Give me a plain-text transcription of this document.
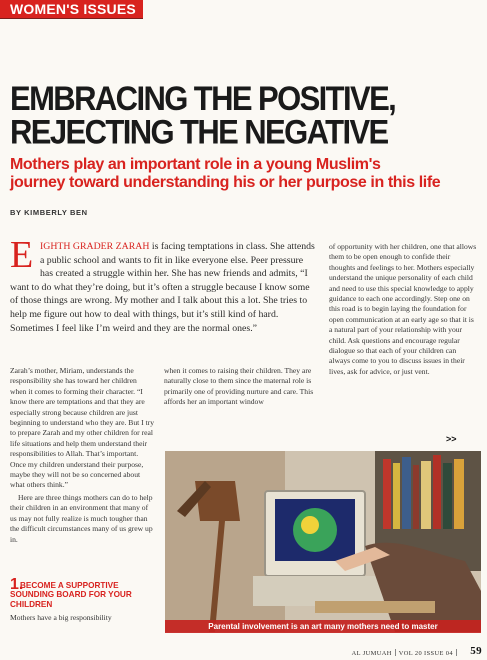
WOMEN'S ISSUES
EMBRACING THE POSITIVE,
REJECTING THE NEGATIVE
Mothers play an important role in a young Muslim's
journey toward understanding his or her purpose in this life
BY KIMBERLY BEN
E IGHTH GRADER ZARAH is facing temptations in class. She attends a public school and wants to fit in like everyone else. Peer pressure has created a struggle within her. She has new friends and admits, “I want to do what they’re doing, but it’s often a struggle because I know some of those things are wrong. My mother and I talk about this a lot. She tries to help me figure out how to deal with things, but it’s still kind of hard. Sometimes I feel like I’m weird and they are the normal ones.”

Zarah’s mother, Miriam, understands the responsibility she has toward her children when it comes to forming their character. “I know there are temptations and that they are especially strong because children are just beginning to understand who they are. But I try to prepare Zarah and my other children for real life situations and help them understand their responsibilities to Allah. That’s important. Once my children understand their purpose, maybe they will not be so concerned about what others think.”

Here are three things mothers can do to help their children in an environment that many of us may not fully realize is much tougher than the difficult circumstances many of us grew up in.

when it comes to raising their children. They are naturally close to them since the maternal role is primarily one of providing nurture and care. This affords her an important window

of opportunity with her children, one that allows them to be open enough to confide their thoughts and feelings to her. Mothers especially understand the unique personality of each child and need to use this special knowledge to apply guidance to each one accordingly. Step one on this road is to begin laying the foundation for open communication at an early age so that it is a natural part of your relationship with your child. Ask questions and encourage regular dialogue so that each of your children can always come to you to discuss issues in their lives, ask for advice, or just vent.

>>
1.
BECOME A SUPPORTIVE SOUNDING BOARD FOR YOUR CHILDREN
Mothers have a big responsibility
Parental involvement is an art many mothers need to master
AL JUMUAH VOL 20 ISSUE 04	59
